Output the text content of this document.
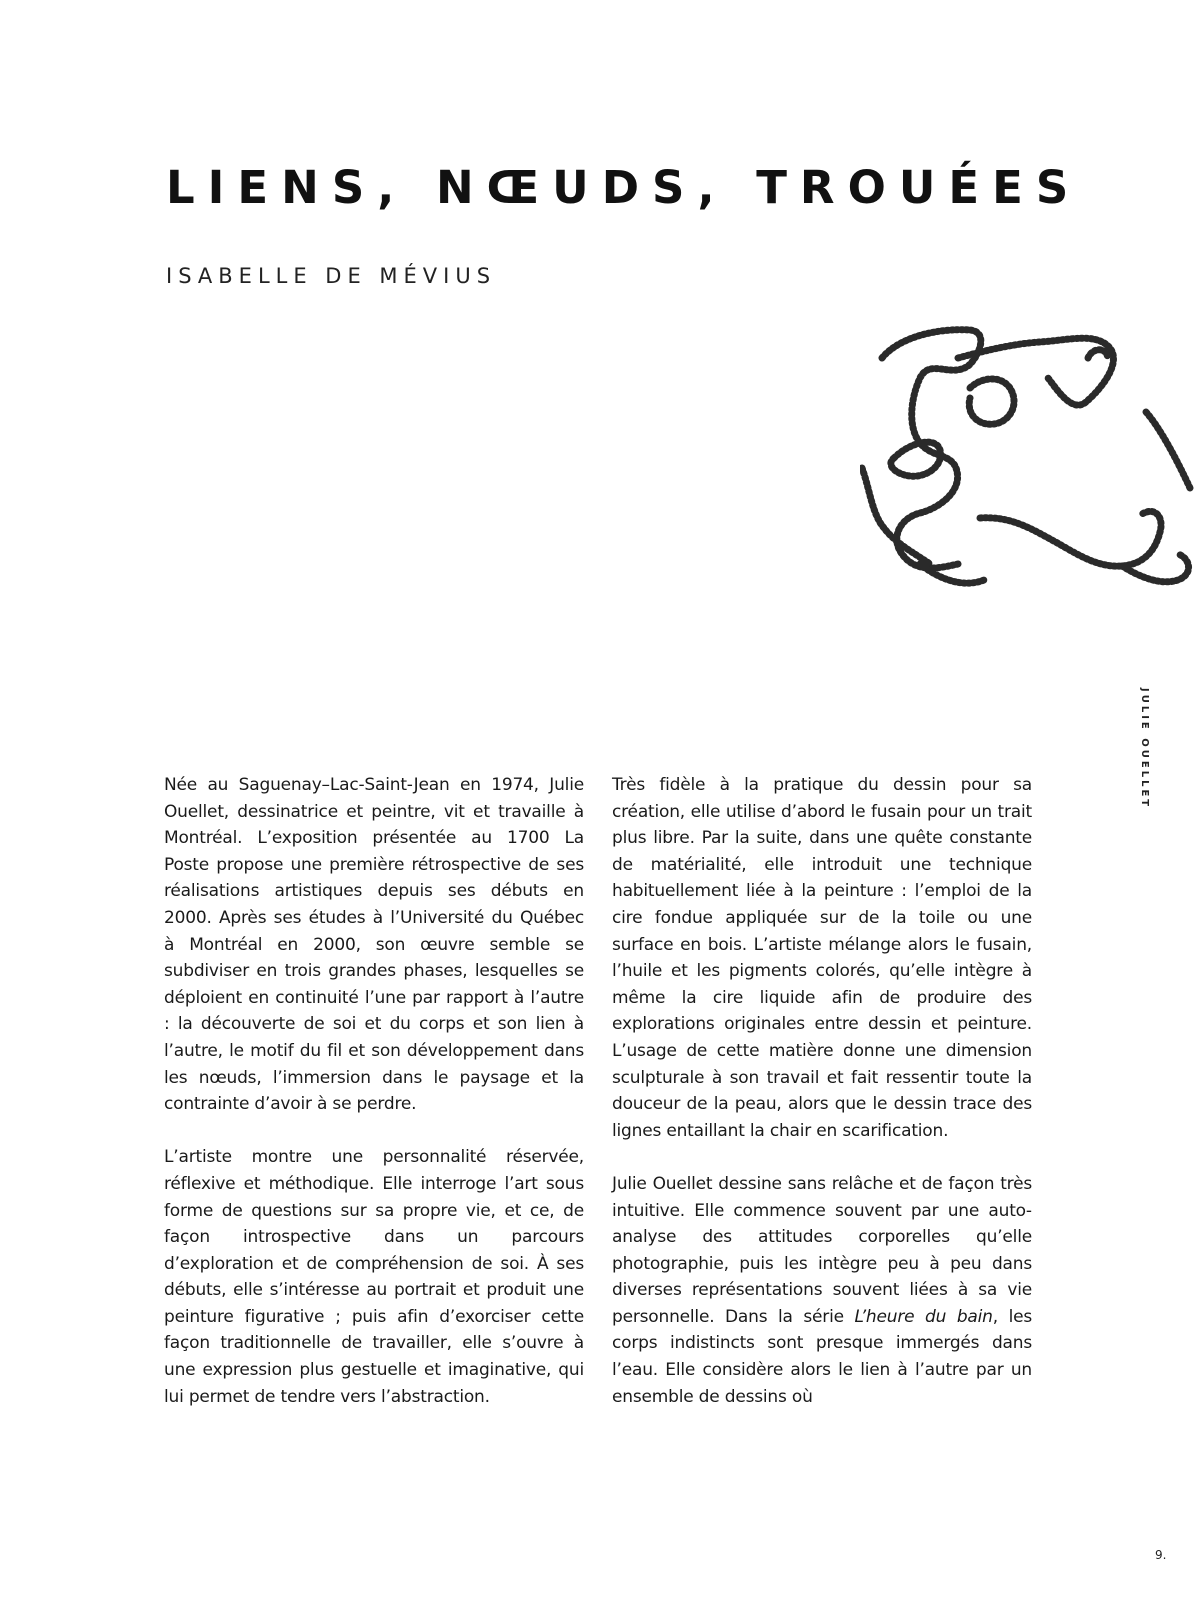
LIENS, NŒUDS, TROUÉES
ISABELLE DE MÉVIUS
JULIE OUELLET

Née au Saguenay–Lac-Saint-Jean en 1974, Julie Ouellet, dessinatrice et peintre, vit et travaille à Montréal. L’exposition présentée au 1700 La Poste propose une première rétrospective de ses réalisations artistiques depuis ses débuts en 2000. Après ses études à l’Université du Québec à Montréal en 2000, son œuvre semble se subdiviser en trois grandes phases, lesquelles se déploient en continuité l’une par rapport à l’autre : la découverte de soi et du corps et son lien à l’autre, le motif du fil et son développement dans les nœuds, l’immersion dans le paysage et la contrainte d’avoir à se perdre.

L’artiste montre une personnalité réservée, réflexive et méthodique. Elle interroge l’art sous forme de questions sur sa propre vie, et ce, de façon introspective dans un parcours d’exploration et de compréhension de soi. À ses débuts, elle s’intéresse au portrait et produit une peinture figurative ; puis afin d’exorciser cette façon traditionnelle de travailler, elle s’ouvre à une expression plus gestuelle et imaginative, qui lui permet de tendre vers l’abstraction.

Très fidèle à la pratique du dessin pour sa création, elle utilise d’abord le fusain pour un trait plus libre. Par la suite, dans une quête constante de matérialité, elle introduit une technique habituellement liée à la peinture : l’emploi de la cire fondue appliquée sur de la toile ou une surface en bois. L’artiste mélange alors le fusain, l’huile et les pigments colorés, qu’elle intègre à même la cire liquide afin de produire des explorations originales entre dessin et peinture. L’usage de cette matière donne une dimension sculpturale à son travail et fait ressentir toute la douceur de la peau, alors que le dessin trace des lignes entaillant la chair en scarification.

Julie Ouellet dessine sans relâche et de façon très intuitive. Elle commence souvent par une autoanalyse des attitudes corporelles qu’elle photographie, puis les intègre peu à peu dans diverses représentations souvent liées à sa vie personnelle. Dans la série L’heure du bain, les corps indistincts sont presque immergés dans l’eau. Elle considère alors le lien à l’autre par un ensemble de dessins où

9.
